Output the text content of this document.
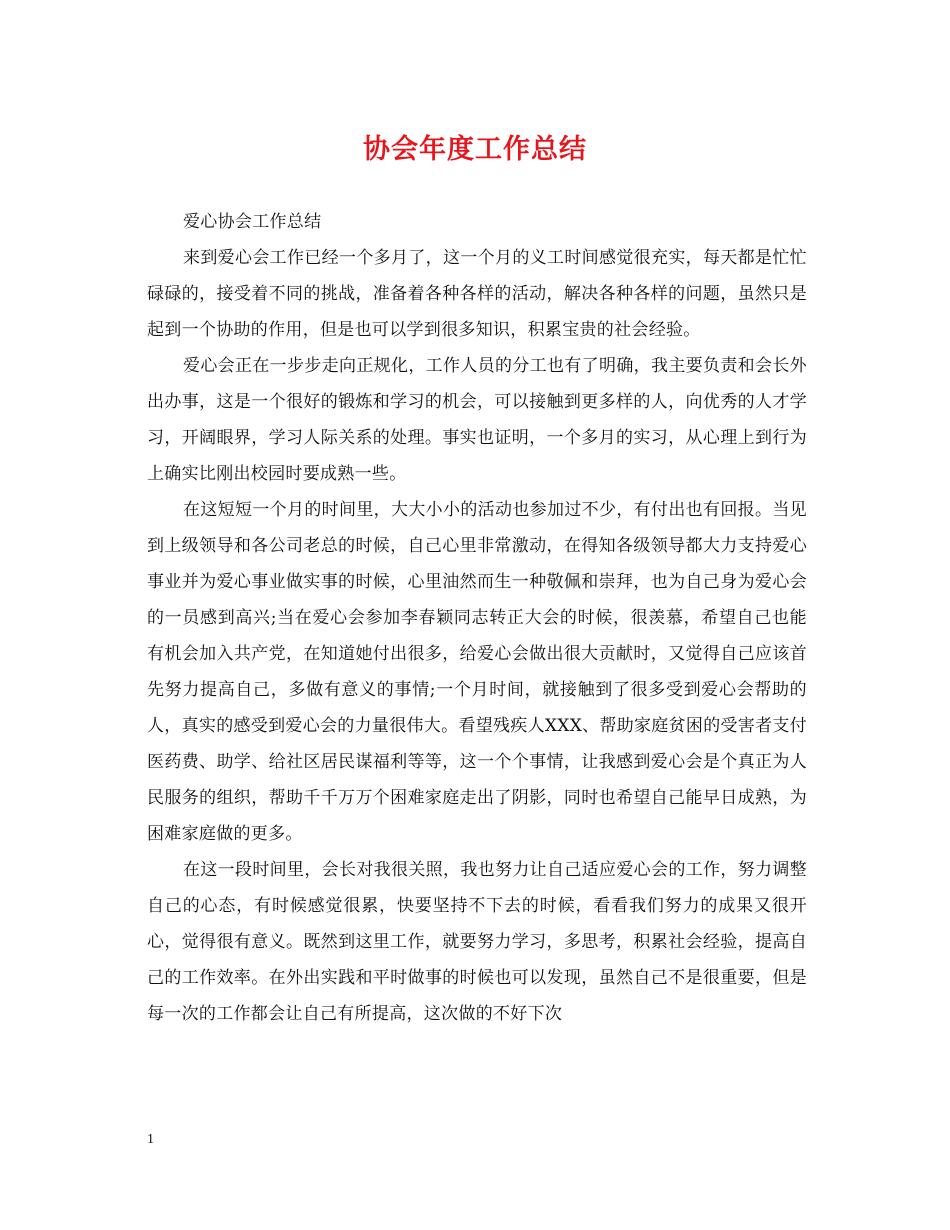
协会年度工作总结

爱心协会工作总结

来到爱心会工作已经一个多月了，这一个月的义工时间感觉很充实，每天都是忙忙碌碌的，接受着不同的挑战，准备着各种各样的活动，解决各种各样的问题，虽然只是起到一个协助的作用，但是也可以学到很多知识，积累宝贵的社会经验。

爱心会正在一步步走向正规化，工作人员的分工也有了明确，我主要负责和会长外出办事，这是一个很好的锻炼和学习的机会，可以接触到更多样的人，向优秀的人才学习，开阔眼界，学习人际关系的处理。事实也证明，一个多月的实习，从心理上到行为上确实比刚出校园时要成熟一些。

在这短短一个月的时间里，大大小小的活动也参加过不少，有付出也有回报。当见到上级领导和各公司老总的时候，自己心里非常激动，在得知各级领导都大力支持爱心事业并为爱心事业做实事的时候，心里油然而生一种敬佩和崇拜，也为自己身为爱心会的一员感到高兴;当在爱心会参加李春颖同志转正大会的时候，很羡慕，希望自己也能有机会加入共产党，在知道她付出很多，给爱心会做出很大贡献时，又觉得自己应该首先努力提高自己，多做有意义的事情;一个月时间，就接触到了很多受到爱心会帮助的人，真实的感受到爱心会的力量很伟大。看望残疾人XXX、帮助家庭贫困的受害者支付医药费、助学、给社区居民谋福利等等，这一个个事情，让我感到爱心会是个真正为人民服务的组织，帮助千千万万个困难家庭走出了阴影，同时也希望自己能早日成熟，为困难家庭做的更多。

在这一段时间里，会长对我很关照，我也努力让自己适应爱心会的工作，努力调整自己的心态，有时候感觉很累，快要坚持不下去的时候，看看我们努力的成果又很开心，觉得很有意义。既然到这里工作，就要努力学习，多思考，积累社会经验，提高自己的工作效率。在外出实践和平时做事的时候也可以发现，虽然自己不是很重要，但是每一次的工作都会让自己有所提高，这次做的不好下次

1
